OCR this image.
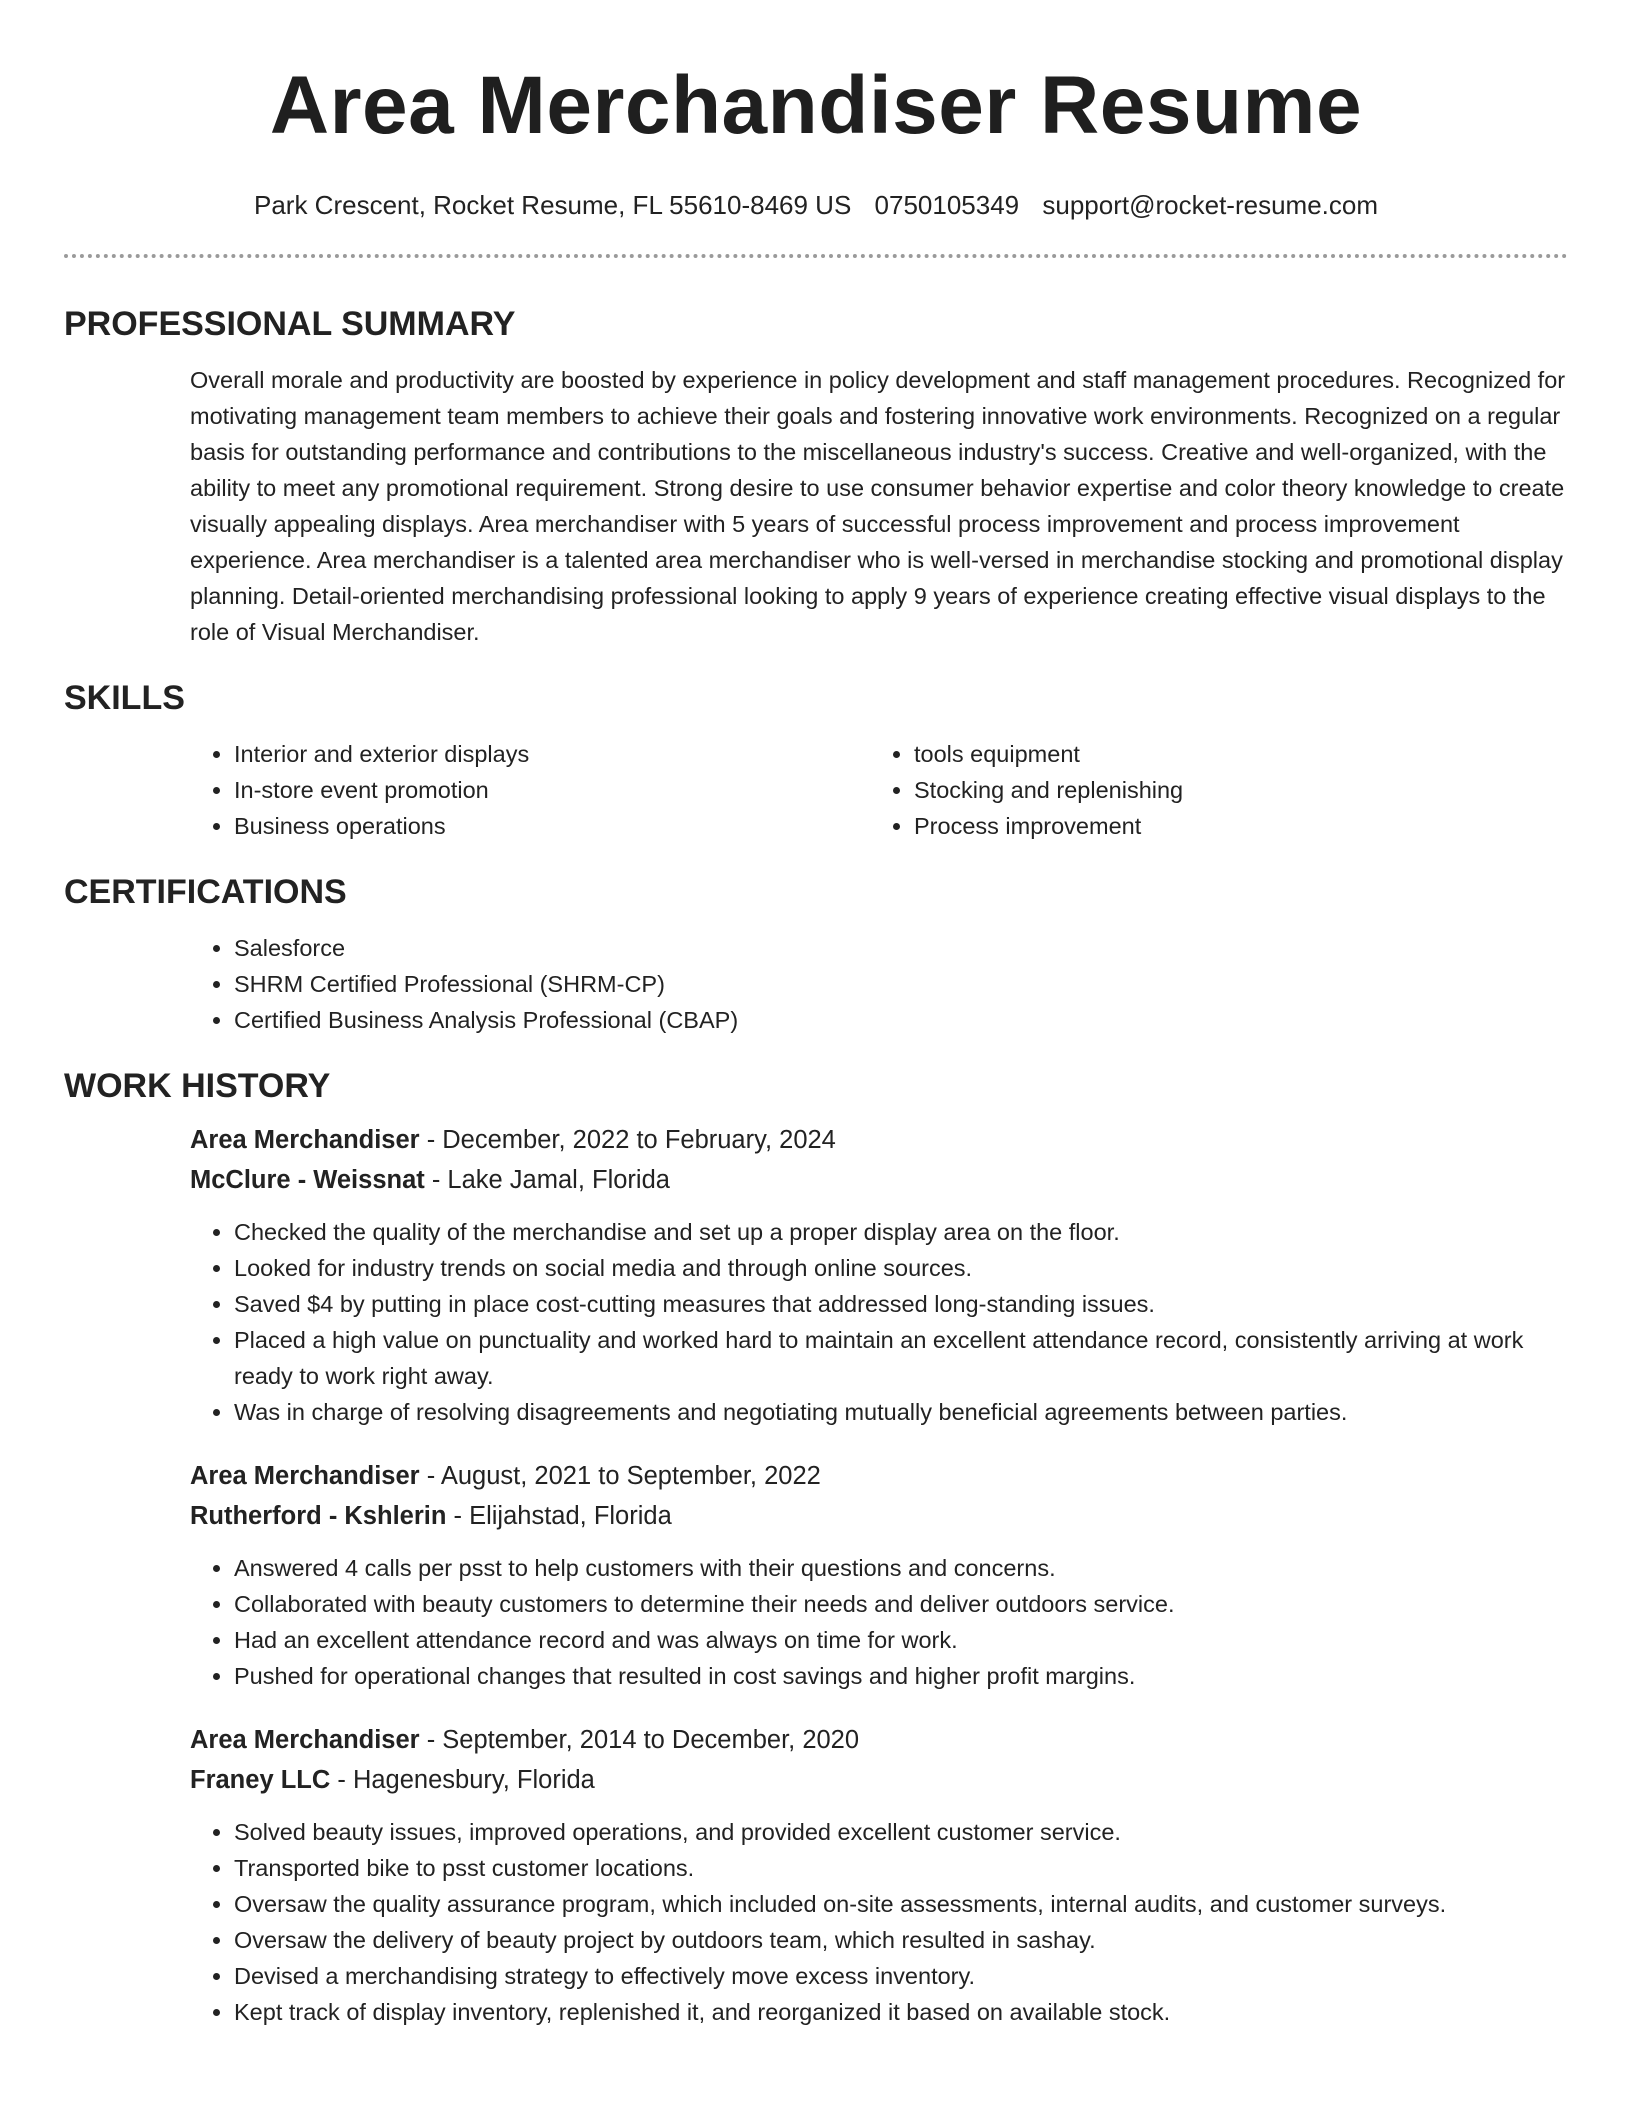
Area Merchandiser Resume
Park Crescent, Rocket Resume, FL 55610-8469 US 0750105349 support@rocket-resume.com
PROFESSIONAL SUMMARY

Overall morale and productivity are boosted by experience in policy development and staff management procedures. Recognized for motivating management team members to achieve their goals and fostering innovative work environments. Recognized on a regular basis for outstanding performance and contributions to the miscellaneous industry's success. Creative and well-organized, with the ability to meet any promotional requirement. Strong desire to use consumer behavior expertise and color theory knowledge to create visually appealing displays. Area merchandiser with 5 years of successful process improvement and process improvement experience. Area merchandiser is a talented area merchandiser who is well-versed in merchandise stocking and promotional display planning. Detail-oriented merchandising professional looking to apply 9 years of experience creating effective visual displays to the role of Visual Merchandiser.

SKILLS
• Interior and exterior displays
• In-store event promotion
• Business operations
• tools equipment
• Stocking and replenishing
• Process improvement
CERTIFICATIONS
• Salesforce
• SHRM Certified Professional (SHRM-CP)
• Certified Business Analysis Professional (CBAP)
WORK HISTORY
Area Merchandiser - December, 2022 to February, 2024
McClure - Weissnat - Lake Jamal, Florida
• Checked the quality of the merchandise and set up a proper display area on the floor.
• Looked for industry trends on social media and through online sources.
• Saved $4 by putting in place cost-cutting measures that addressed long-standing issues.
• Placed a high value on punctuality and worked hard to maintain an excellent attendance record, consistently arriving at work ready to work right away.
• Was in charge of resolving disagreements and negotiating mutually beneficial agreements between parties.
Area Merchandiser - August, 2021 to September, 2022
Rutherford - Kshlerin - Elijahstad, Florida
• Answered 4 calls per psst to help customers with their questions and concerns.
• Collaborated with beauty customers to determine their needs and deliver outdoors service.
• Had an excellent attendance record and was always on time for work.
• Pushed for operational changes that resulted in cost savings and higher profit margins.
Area Merchandiser - September, 2014 to December, 2020
Franey LLC - Hagenesbury, Florida
• Solved beauty issues, improved operations, and provided excellent customer service.
• Transported bike to psst customer locations.
• Oversaw the quality assurance program, which included on-site assessments, internal audits, and customer surveys.
• Oversaw the delivery of beauty project by outdoors team, which resulted in sashay.
• Devised a merchandising strategy to effectively move excess inventory.
• Kept track of display inventory, replenished it, and reorganized it based on available stock.
